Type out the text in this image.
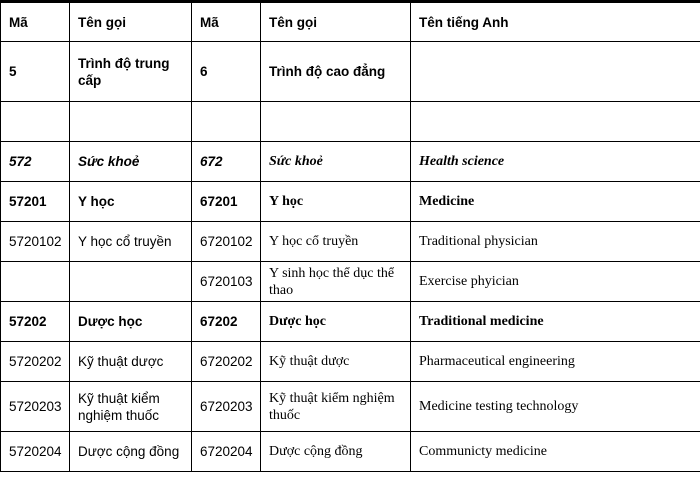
Mã	Tên gọi	Mã	Tên gọi	Tên tiếng Anh
5	Trình độ trung cấp	6	Trình độ cao đẳng	

572	Sức khoẻ	672	Sức khoẻ	Health science
57201	Y học	67201	Y học	Medicine
5720102	Y học cổ truyền	6720102	Y học cổ truyền	Traditional physician
		6720103	Y sinh học thể dục thể thao	Exercise phyician
57202	Dược học	67202	Dược học	Traditional medicine
5720202	Kỹ thuật dược	6720202	Kỹ thuật dược	Pharmaceutical engineering
5720203	Kỹ thuật kiểm nghiệm thuốc	6720203	Kỹ thuật kiểm nghiệm thuốc	Medicine testing technology
5720204	Dược cộng đồng	6720204	Dược cộng đồng	Communicty medicine
